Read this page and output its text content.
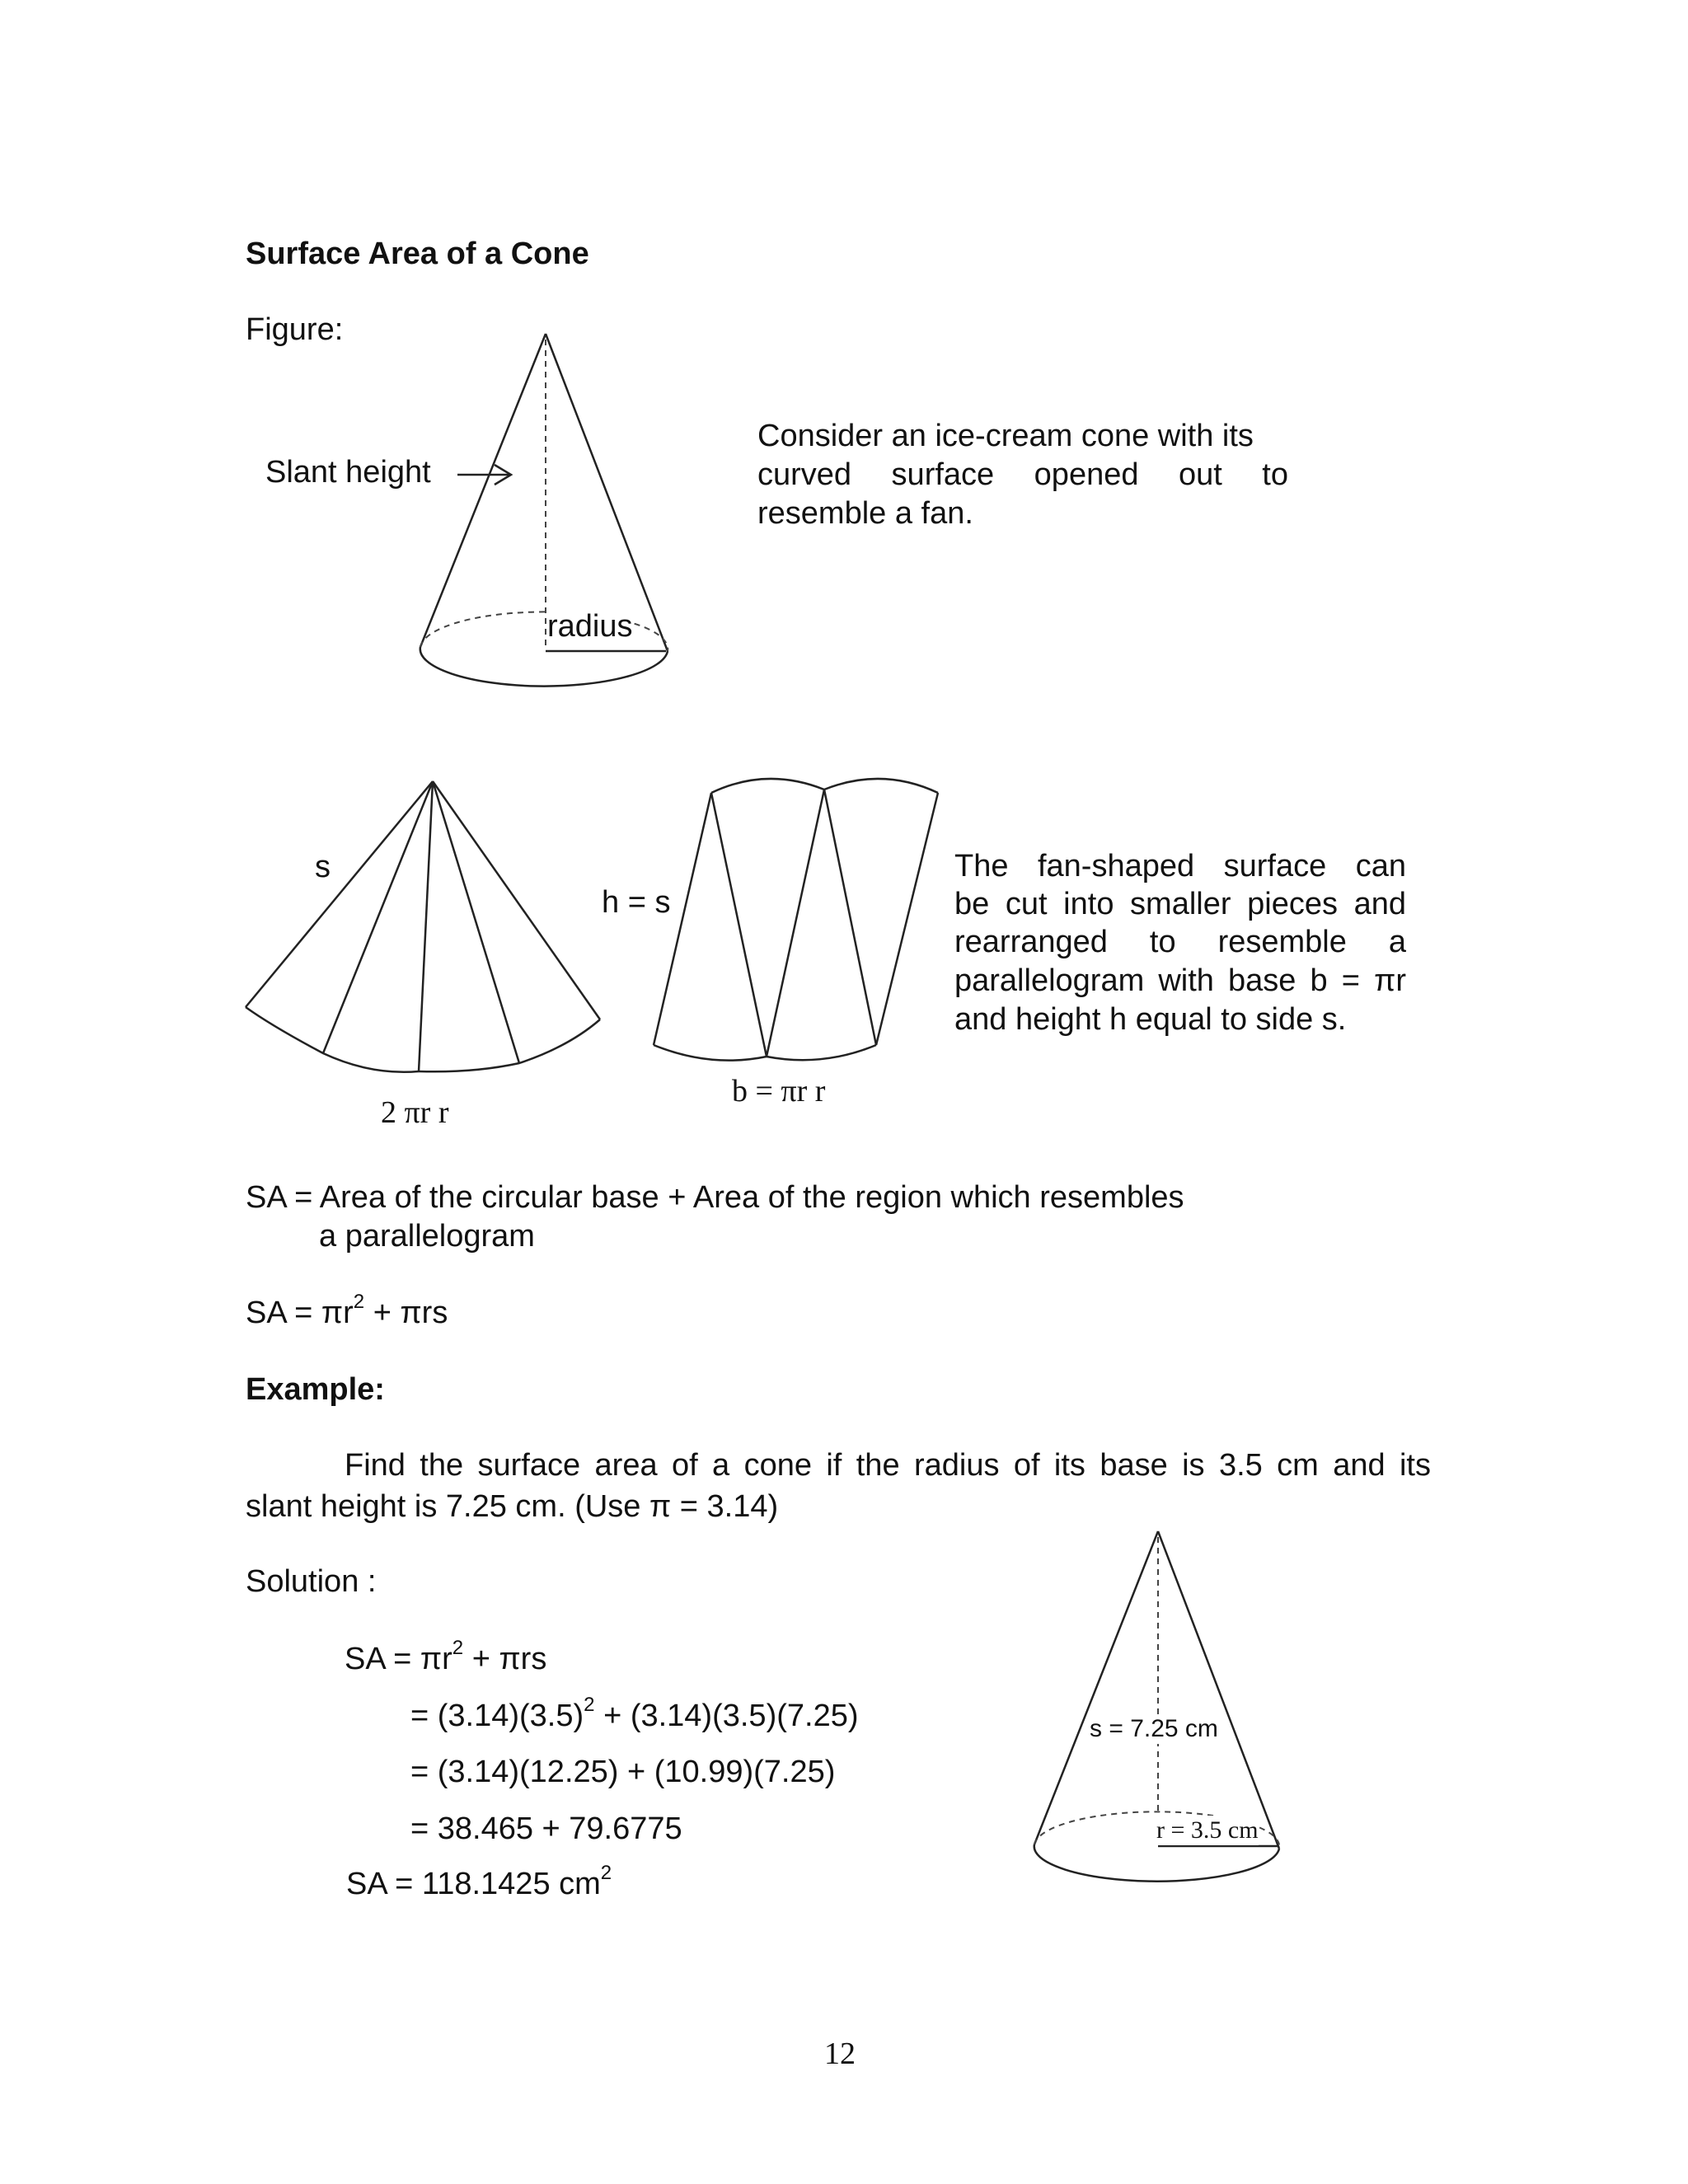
Surface Area of a Cone
Figure:
Slant height
radius
Consider an ice-cream cone with its
curved surface opened out to
resemble a fan.
s
2 πr r
h = s
b = πr r
The fan-shaped surface can
be cut into smaller pieces and
rearranged to resemble a
parallelogram with base b = πr
and height h equal to side s.
SA = Area of the circular base + Area of the region which resembles
a parallelogram
SA = $\pi r^2 + \pi rs$
Example:
Find the surface area of a cone if the radius of its base is 3.5 cm and its
slant height is 7.25 cm. (Use π = 3.14)
Solution :
SA = $\pi r^2 + \pi rs$
= $(3.14)(3.5)^2 + (3.14)(3.5)(7.25)$
= (3.14)(12.25) + (10.99)(7.25)
= 38.465 + 79.6775
SA = 118.1425 $cm^2$
s = 7.25 cm
r = 3.5 cm
12
